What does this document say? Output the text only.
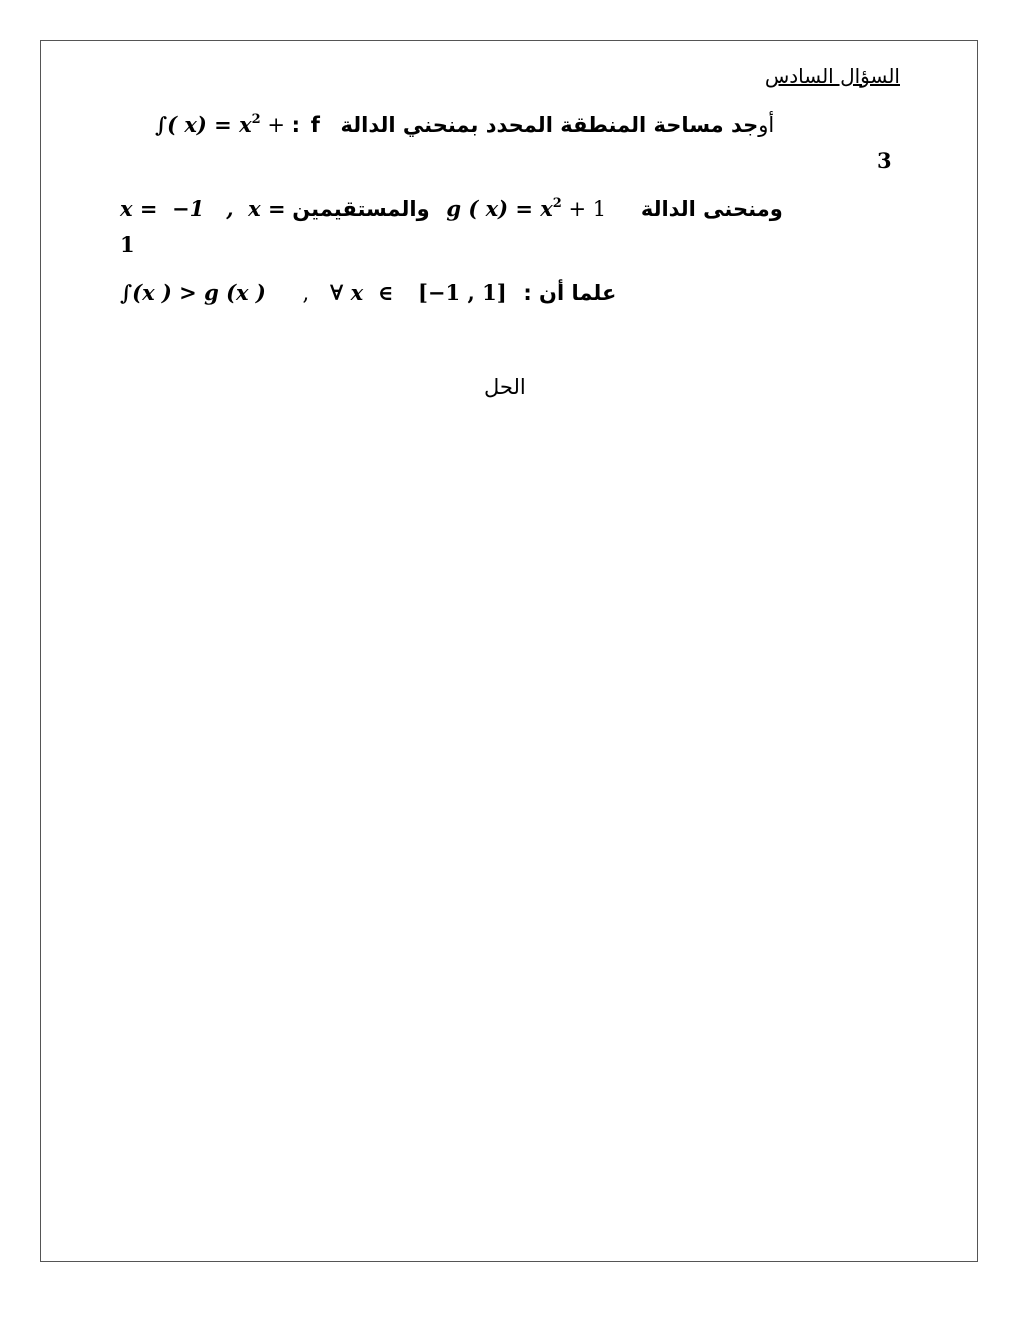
السؤال السادس
∫( $x) = x^2$ + : f	أوجد مساحة المنطقة المحدد بمنحني الدالة
3
x =  −1   ,  x = والمستقيمين g ( $x) = x^2 + 1$ ومنحنى الدالة
1
∫(x ) > g (x ) , ∀ x  ∈ [−1 , 1] علما أن :
الحل
